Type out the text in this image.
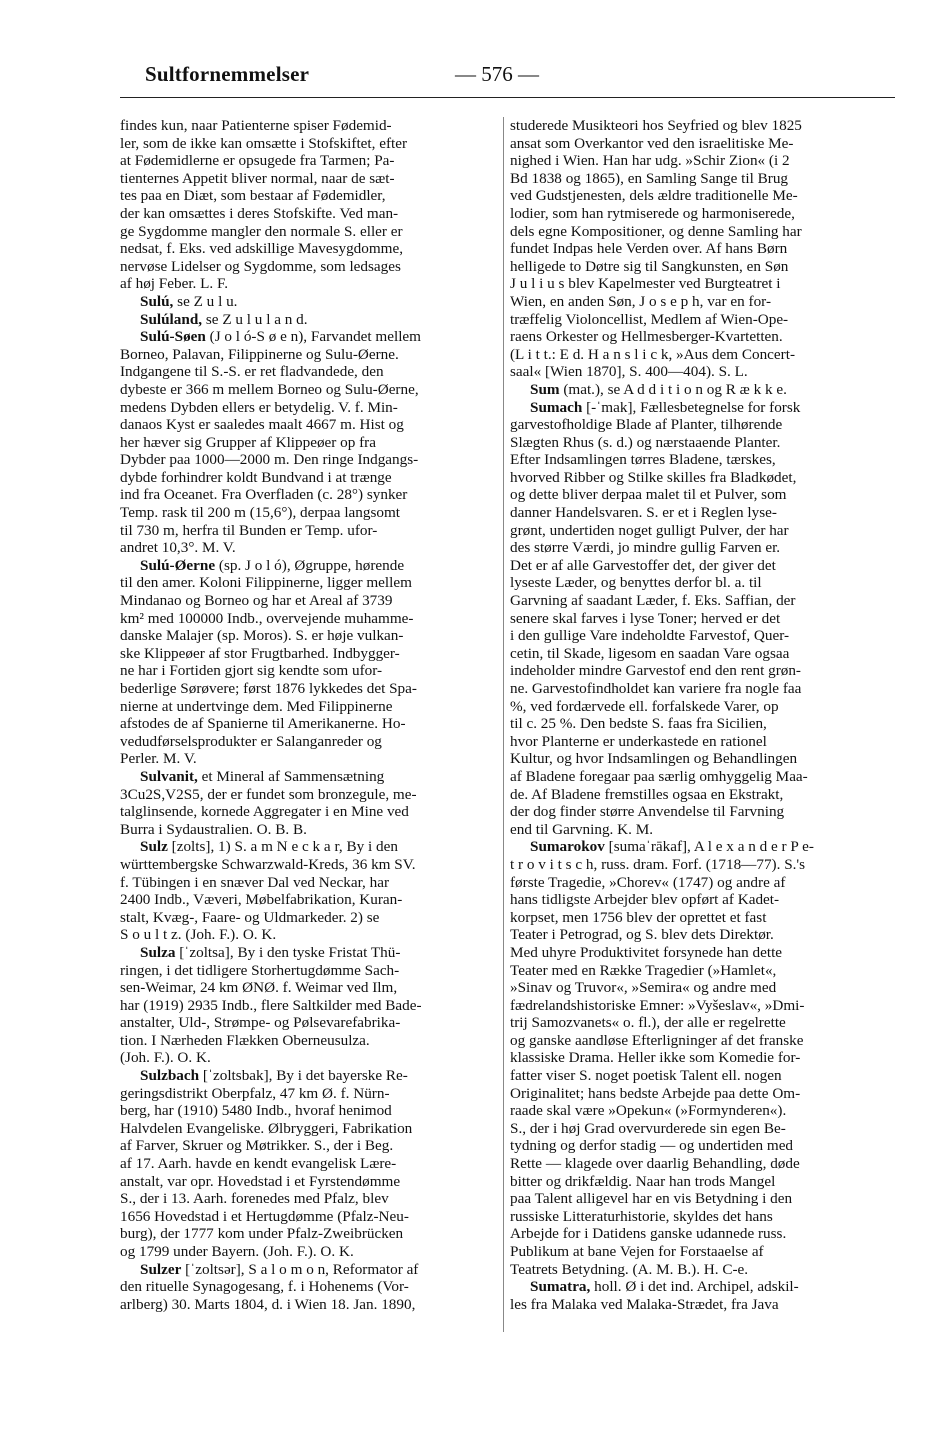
Sultfornemmelser	— 576 —
findes kun, naar Patienterne spiser Fødemid-
ler, som de ikke kan omsætte i Stofskiftet, efter
at Fødemidlerne er opsugede fra Tarmen; Pa-
tienternes Appetit bliver normal, naar de sæt-
tes paa en Diæt, som bestaar af Fødemidler,
der kan omsættes i deres Stofskifte. Ved man-
ge Sygdomme mangler den normale S. eller er
nedsat, f. Eks. ved adskillige Mavesygdomme,
nervøse Lidelser og Sygdomme, som ledsages
af høj Feber. L. F.
Sulú, se Z u l u.
Sulúland, se Z u l u l a n d.
Sulú-Søen (J o l ó-S ø e n), Farvandet mellem
Borneo, Palavan, Filippinerne og Sulu-Øerne.
Indgangene til S.-S. er ret fladvandede, den
dybeste er 366 m mellem Borneo og Sulu-Øerne,
medens Dybden ellers er betydelig. V. f. Min-
danaos Kyst er saaledes maalt 4667 m. Hist og
her hæver sig Grupper af Klippeøer op fra
Dybder paa 1000—2000 m. Den ringe Indgangs-
dybde forhindrer koldt Bundvand i at trænge
ind fra Oceanet. Fra Overfladen (c. 28°) synker
Temp. rask til 200 m (15,6°), derpaa langsomt
til 730 m, herfra til Bunden er Temp. ufor-
andret 10,3°. M. V.
Sulú-Øerne (sp. J o l ó), Øgruppe, hørende
til den amer. Koloni Filippinerne, ligger mellem
Mindanao og Borneo og har et Areal af 3739
km² med 100000 Indb., overvejende muhamme-
danske Malajer (sp. Moros). S. er høje vulkan-
ske Klippeøer af stor Frugtbarhed. Indbygger-
ne har i Fortiden gjort sig kendte som ufor-
bederlige Sørøvere; først 1876 lykkedes det Spa-
nierne at undertvinge dem. Med Filippinerne
afstodes de af Spanierne til Amerikanerne. Ho-
vedudførselsprodukter er Salanganreder og
Perler. M. V.
Sulvanit, et Mineral af Sammensætning
3Cu2S,V2S5, der er fundet som bronzegule, me-
talglinsende, kornede Aggregater i en Mine ved
Burra i Sydaustralien. O. B. B.
Sulz [zolts], 1) S. a m N e c k a r, By i den
württembergske Schwarzwald-Kreds, 36 km SV.
f. Tübingen i en snæver Dal ved Neckar, har
2400 Indb., Væveri, Møbelfabrikation, Kuran-
stalt, Kvæg-, Faare- og Uldmarkeder. 2) se
S o u l t z. (Joh. F.). O. K.
Sulza [ˈzoltsa], By i den tyske Fristat Thü-
ringen, i det tidligere Storhertugdømme Sach-
sen-Weimar, 24 km ØNØ. f. Weimar ved Ilm,
har (1919) 2935 Indb., flere Saltkilder med Bade-
anstalter, Uld-, Strømpe- og Pølsevarefabrika-
tion. I Nærheden Flækken Oberneusulza.
(Joh. F.). O. K.
Sulzbach [ˈzoltsbak], By i det bayerske Re-
geringsdistrikt Oberpfalz, 47 km Ø. f. Nürn-
berg, har (1910) 5480 Indb., hvoraf henimod
Halvdelen Evangeliske. Ølbryggeri, Fabrikation
af Farver, Skruer og Møtrikker. S., der i Beg.
af 17. Aarh. havde en kendt evangelisk Lære-
anstalt, var opr. Hovedstad i et Fyrstendømme
S., der i 13. Aarh. forenedes med Pfalz, blev
1656 Hovedstad i et Hertugdømme (Pfalz-Neu-
burg), der 1777 kom under Pfalz-Zweibrücken
og 1799 under Bayern. (Joh. F.). O. K.
Sulzer [ˈzoltsər], S a l o m o n, Reformator af
den rituelle Synagogesang, f. i Hohenems (Vor-
arlberg) 30. Marts 1804, d. i Wien 18. Jan. 1890,
studerede Musikteori hos Seyfried og blev 1825
ansat som Overkantor ved den israelitiske Me-
nighed i Wien. Han har udg. »Schir Zion« (i 2
Bd 1838 og 1865), en Samling Sange til Brug
ved Gudstjenesten, dels ældre traditionelle Me-
lodier, som han rytmiserede og harmoniserede,
dels egne Kompositioner, og denne Samling har
fundet Indpas hele Verden over. Af hans Børn
helligede to Døtre sig til Sangkunsten, en Søn
J u l i u s blev Kapelmester ved Burgteatret i
Wien, en anden Søn, J o s e p h, var en for-
træffelig Violoncellist, Medlem af Wien-Ope-
raens Orkester og Hellmesberger-Kvartetten.
(L i t t.: E d. H a n s l i c k, »Aus dem Concert-
saal« [Wien 1870], S. 400—404). S. L.
Sum (mat.), se A d d i t i o n og R æ k k e.
Sumach [-ˈmak], Fællesbetegnelse for forsk
garvestofholdige Blade af Planter, tilhørende
Slægten Rhus (s. d.) og nærstaaende Planter.
Efter Indsamlingen tørres Bladene, tærskes,
hvorved Ribber og Stilke skilles fra Bladkødet,
og dette bliver derpaa malet til et Pulver, som
danner Handelsvaren. S. er et i Reglen lyse-
grønt, undertiden noget gulligt Pulver, der har
des større Værdi, jo mindre gullig Farven er.
Det er af alle Garvestoffer det, der giver det
lyseste Læder, og benyttes derfor bl. a. til
Garvning af saadant Læder, f. Eks. Saffian, der
senere skal farves i lyse Toner; herved er det
i den gullige Vare indeholdte Farvestof, Quer-
cetin, til Skade, ligesom en saadan Vare ogsaa
indeholder mindre Garvestof end den rent grøn-
ne. Garvestofindholdet kan variere fra nogle faa
%, ved fordærvede ell. forfalskede Varer, op
til c. 25 %. Den bedste S. faas fra Sicilien,
hvor Planterne er underkastede en rationel
Kultur, og hvor Indsamlingen og Behandlingen
af Bladene foregaar paa særlig omhyggelig Maa-
de. Af Bladene fremstilles ogsaa en Ekstrakt,
der dog finder større Anvendelse til Farvning
end til Garvning. K. M.
Sumarokov [sumaˈrākaf], A l e x a n d e r P e-
t r o v i t s c h, russ. dram. Forf. (1718—77). S.'s
første Tragedie, »Chorev« (1747) og andre af
hans tidligste Arbejder blev opført af Kadet-
korpset, men 1756 blev der oprettet et fast
Teater i Petrograd, og S. blev dets Direktør.
Med uhyre Produktivitet forsynede han dette
Teater med en Række Tragedier (»Hamlet«,
»Sinav og Truvor«, »Semira« og andre med
fædrelandshistoriske Emner: »Vyšeslav«, »Dmi-
trij Samozvanets« o. fl.), der alle er regelrette
og ganske aandløse Efterligninger af det franske
klassiske Drama. Heller ikke som Komedie for-
fatter viser S. noget poetisk Talent ell. nogen
Originalitet; hans bedste Arbejde paa dette Om-
raade skal være »Opekun« (»Formynderen«).
S., der i høj Grad overvurderede sin egen Be-
tydning og derfor stadig — og undertiden med
Rette — klagede over daarlig Behandling, døde
bitter og drikfældig. Naar han trods Mangel
paa Talent alligevel har en vis Betydning i den
russiske Litteraturhistorie, skyldes det hans
Arbejde for i Datidens ganske udannede russ.
Publikum at bane Vejen for Forstaaelse af
Teatrets Betydning. (A. M. B.). H. C-e.
Sumatra, holl. Ø i det ind. Archipel, adskil-
les fra Malaka ved Malaka-Strædet, fra Java
